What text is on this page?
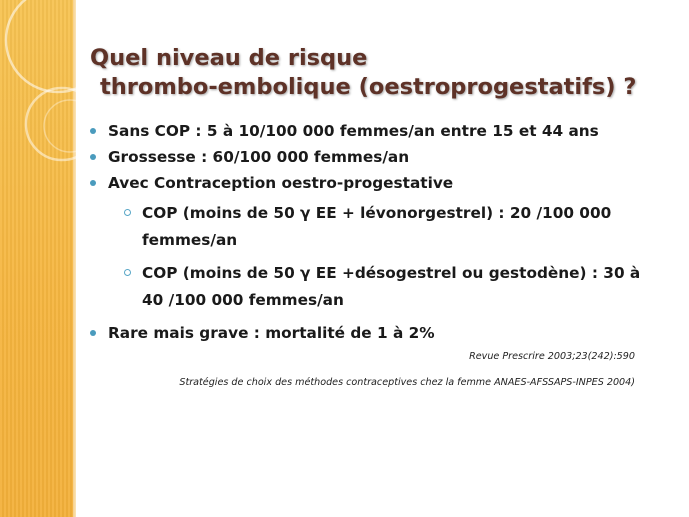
Quel niveau de risque
thrombo-embolique (oestroprogestatifs) ?
Sans COP : 5 à 10/100 000 femmes/an entre 15 et 44 ans
Grossesse : 60/100 000 femmes/an
Avec Contraception oestro-progestative
COP (moins de 50 γ EE + lévonorgestrel) : 20 /100 000 femmes/an
COP (moins de 50 γ EE +désogestrel ou gestodène) : 30 à 40 /100 000 femmes/an
Rare mais grave : mortalité de 1 à 2%
Revue Prescrire 2003;23(242):590
Stratégies de choix des méthodes contraceptives chez la femme ANAES-AFSSAPS-INPES 2004)
